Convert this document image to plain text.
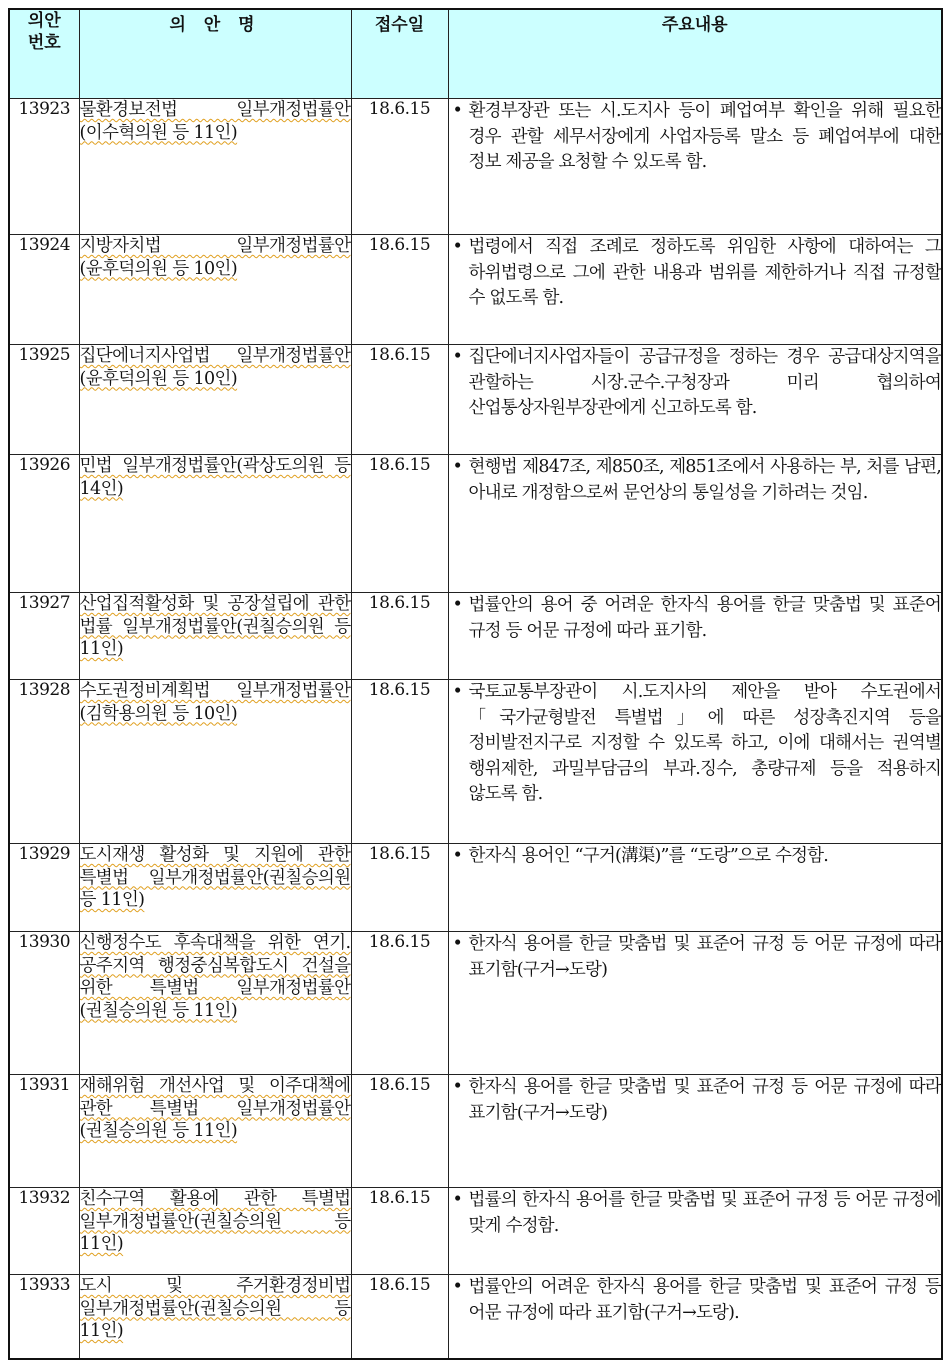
의안
번호	의 안 명	접수일	주요내용
13923	물환경보전법 일부개정법률안(이수혁의원 등 11인)	18.6.15	• 환경부장관 또는 시.도지사 등이 폐업여부 확인을 위해 필요한 경우 관할 세무서장에게 사업자등록 말소 등 폐업여부에 대한 정보 제공을 요청할 수 있도록 함.

13924	지방자치법 일부개정법률안(윤후덕의원 등 10인)	18.6.15	• 법령에서 직접 조례로 정하도록 위임한 사항에 대하여는 그 하위법령으로 그에 관한 내용과 범위를 제한하거나 직접 규정할 수 없도록 함.

13925	집단에너지사업법 일부개정법률안(윤후덕의원 등 10인)	18.6.15	• 집단에너지사업자들이 공급규정을 정하는 경우 공급대상지역을 관할하는 시장.군수.구청장과 미리 협의하여 산업통상자원부장관에게 신고하도록 함.

13926	민법 일부개정법률안(곽상도의원 등 14인)	18.6.15	• 현행법 제847조, 제850조, 제851조에서 사용하는 부, 처를 남편, 아내로 개정함으로써 문언상의 통일성을 기하려는 것임.

13927	산업집적활성화 및 공장설립에 관한 법률 일부개정법률안(권칠승의원 등 11인)	18.6.15	• 법률안의 용어 중 어려운 한자식 용어를 한글 맞춤법 및 표준어 규정 등 어문 규정에 따라 표기함.

13928	수도권정비계획법 일부개정법률안(김학용의원 등 10인)	18.6.15	• 국토교통부장관이 시.도지사의 제안을 받아 수도권에서 「국가균형발전 특별법」에 따른 성장촉진지역 등을 정비발전지구로 지정할 수 있도록 하고, 이에 대해서는 권역별 행위제한, 과밀부담금의 부과.징수, 총량규제 등을 적용하지 않도록 함.

13929	도시재생 활성화 및 지원에 관한 특별법 일부개정법률안(권칠승의원 등 11인)	18.6.15	• 한자식 용어인 “구거(溝渠)”를 “도랑”으로 수정함.

13930	신행정수도 후속대책을 위한 연기.공주지역 행정중심복합도시 건설을 위한 특별법 일부개정법률안(권칠승의원 등 11인)	18.6.15	• 한자식 용어를 한글 맞춤법 및 표준어 규정 등 어문 규정에 따라 표기함(구거→도랑)

13931	재해위험 개선사업 및 이주대책에 관한 특별법 일부개정법률안(권칠승의원 등 11인)	18.6.15	• 한자식 용어를 한글 맞춤법 및 표준어 규정 등 어문 규정에 따라 표기함(구거→도랑)

13932	친수구역 활용에 관한 특별법 일부개정법률안(권칠승의원 등 11인)	18.6.15	• 법률의 한자식 용어를 한글 맞춤법 및 표준어 규정 등 어문 규정에 맞게 수정함.

13933	도시 및 주거환경정비법 일부개정법률안(권칠승의원 등 11인)	18.6.15	• 법률안의 어려운 한자식 용어를 한글 맞춤법 및 표준어 규정 등 어문 규정에 따라 표기함(구거→도랑).
